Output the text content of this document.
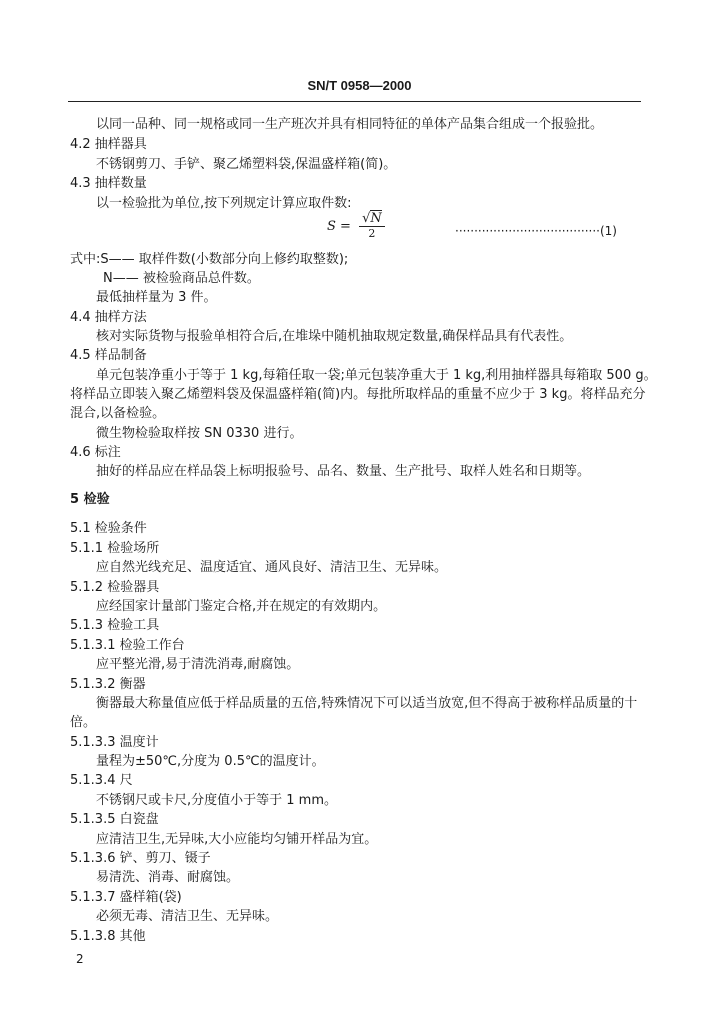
SN/T 0958—2000
以同一品种、同一规格或同一生产班次并具有相同特征的单体产品集合组成一个报验批。
4.2 抽样器具
不锈钢剪刀、手铲、聚乙烯塑料袋,保温盛样箱(简)。
4.3 抽样数量
以一检验批为单位,按下列规定计算应取件数:
式中:S—— 取样件数(小数部分向上修约取整数);
N—— 被检验商品总件数。
最低抽样量为 3 件。
4.4 抽样方法
核对实际货物与报验单相符合后,在堆垛中随机抽取规定数量,确保样品具有代表性。
4.5 样品制备
单元包装净重小于等于 1 kg,每箱任取一袋;单元包装净重大于 1 kg,利用抽样器具每箱取 500 g。
将样品立即装入聚乙烯塑料袋及保温盛样箱(简)内。每批所取样品的重量不应少于 3 kg。将样品充分
混合,以备检验。
微生物检验取样按 SN 0330 进行。
4.6 标注
抽好的样品应在样品袋上标明报验号、品名、数量、生产批号、取样人姓名和日期等。
5 检验
5.1 检验条件
5.1.1 检验场所
应自然光线充足、温度适宜、通风良好、清洁卫生、无异味。
5.1.2 检验器具
应经国家计量部门鉴定合格,并在规定的有效期内。
5.1.3 检验工具
5.1.3.1 检验工作台
应平整光滑,易于清洗消毒,耐腐蚀。
5.1.3.2 衡器
衡器最大称量值应低于样品质量的五倍,特殊情况下可以适当放宽,但不得高于被称样品质量的十
倍。
5.1.3.3 温度计
量程为±50℃,分度为 0.5℃的温度计。
5.1.3.4 尺
不锈钢尺或卡尺,分度值小于等于 1 mm。
5.1.3.5 白瓷盘
应清洁卫生,无异味,大小应能均匀铺开样品为宜。
5.1.3.6 铲、剪刀、镊子
易清洗、消毒、耐腐蚀。
5.1.3.7 盛样箱(袋)
必须无毒、清洁卫生、无异味。
5.1.3.8 其他
$S = \frac{√N}{2}$	······································(1)
2
